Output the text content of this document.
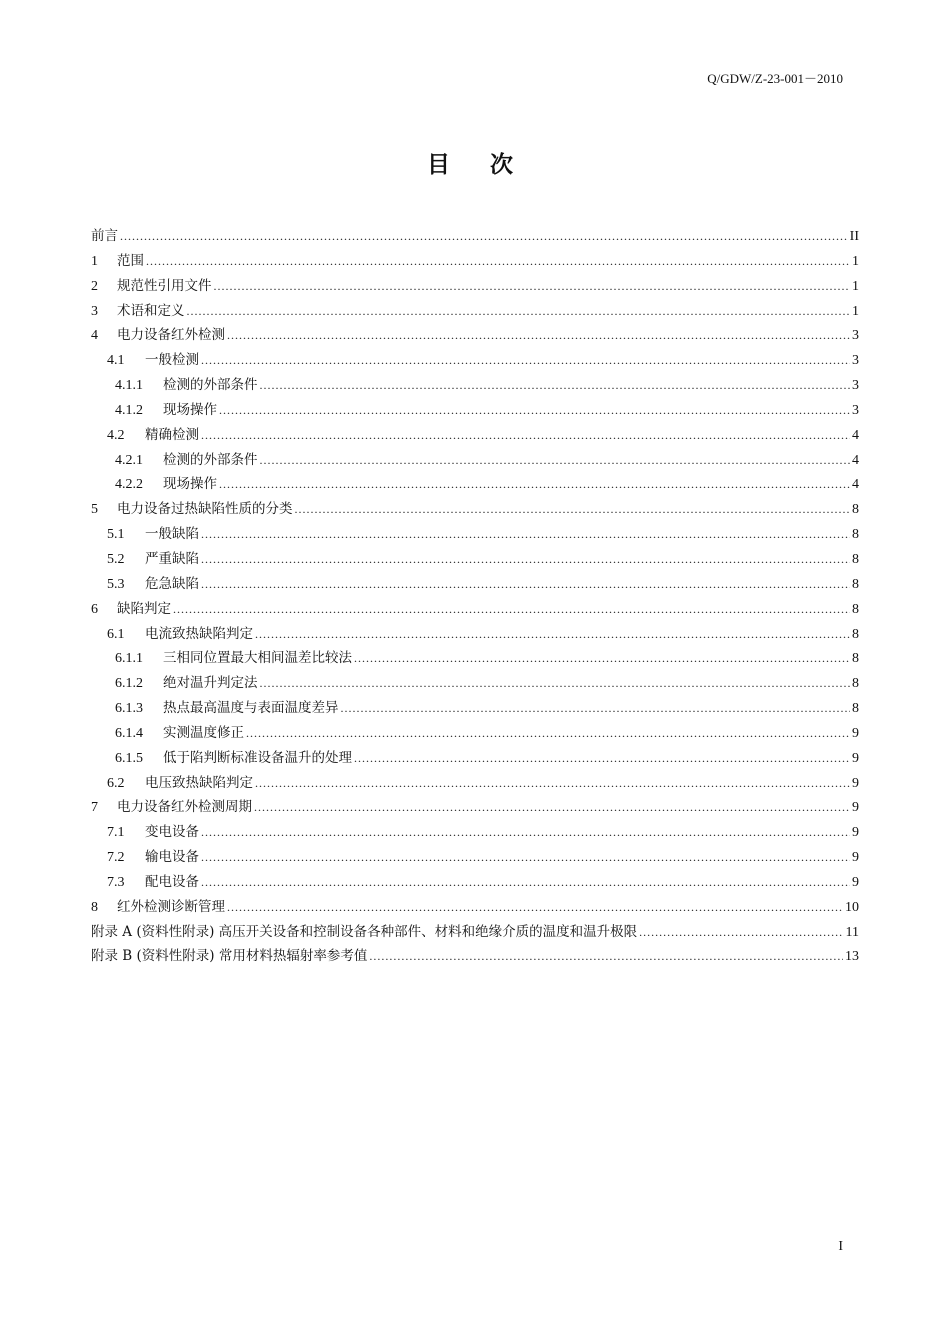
Q/GDW/Z-23-001－2010
目次
前言 .....	II
1	范围 .....	1
2	规范性引用文件 .....	1
3	术语和定义 .....	1
4	电力设备红外检测 .....	3
4.1	一般检测 .....	3
4.1.1	检测的外部条件 .....	3
4.1.2	现场操作 .....	3
4.2	精确检测 .....	4
4.2.1	检测的外部条件 .....	4
4.2.2	现场操作 .....	4
5	电力设备过热缺陷性质的分类 .....	8
5.1	一般缺陷 .....	8
5.2	严重缺陷 .....	8
5.3	危急缺陷 .....	8
6	缺陷判定 .....	8
6.1	电流致热缺陷判定 .....	8
6.1.1	三相同位置最大相间温差比较法 .....	8
6.1.2	绝对温升判定法 .....	8
6.1.3	热点最高温度与表面温度差异 .....	8
6.1.4	实测温度修正 .....	9
6.1.5	低于陷判断标准设备温升的处理 .....	9
6.2	电压致热缺陷判定 .....	9
7	电力设备红外检测周期 .....	9
7.1	变电设备 .....	9
7.2	输电设备 .....	9
7.3	配电设备 .....	9
8	红外检测诊断管理 .....	10
附录 A (资料性附录) 高压开关设备和控制设备各种部件、材料和绝缘介质的温度和温升极限 .....	11
附录 B (资料性附录) 常用材料热辐射率参考值 .....	13
I
